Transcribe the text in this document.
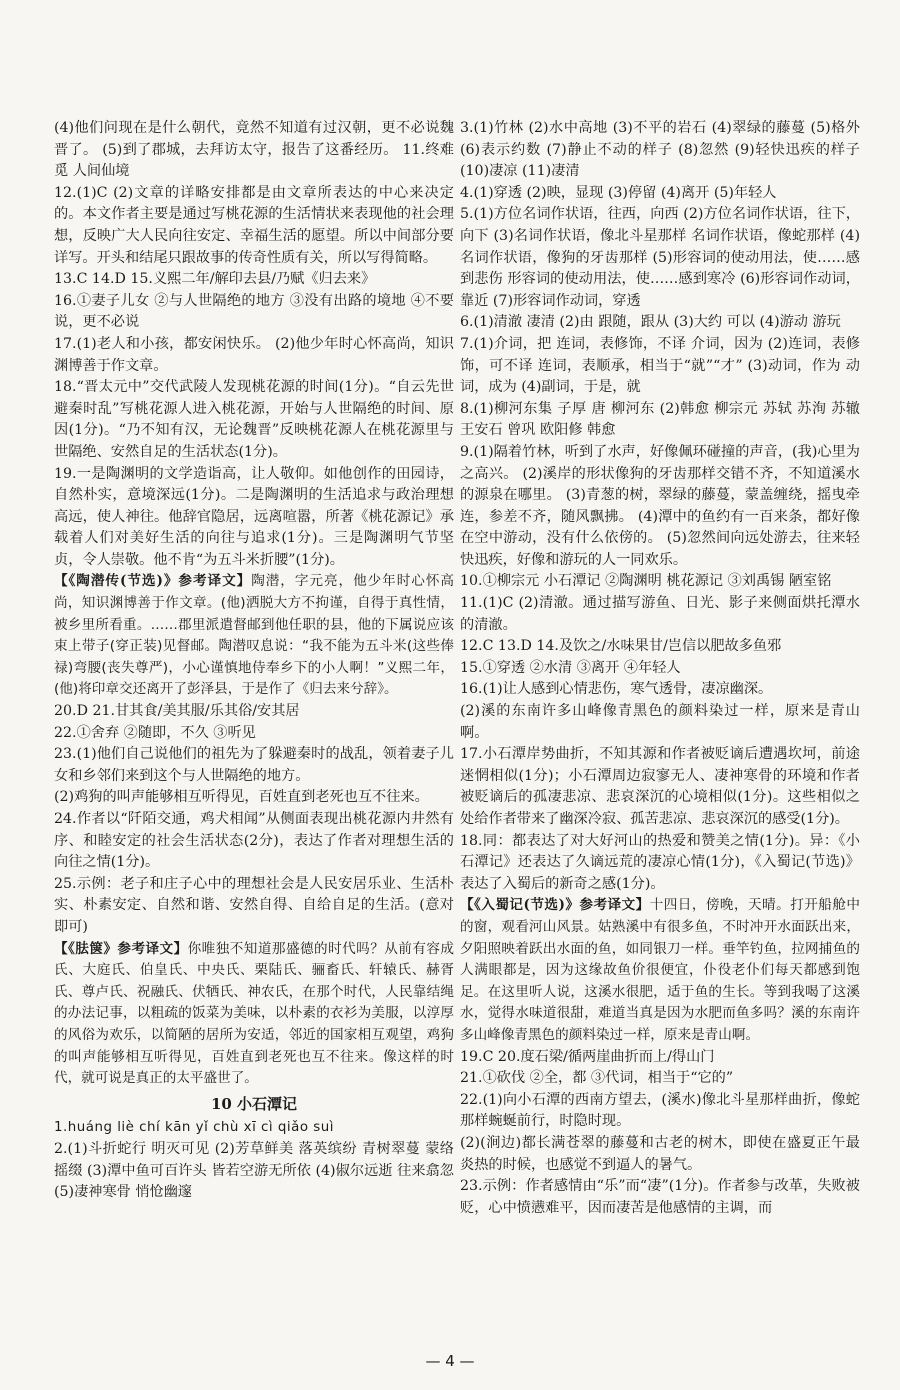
(4)他们问现在是什么朝代，竟然不知道有过汉朝，更不必说魏晋了。 (5)到了郡城，去拜访太守，报告了这番经历。 11.终难觅 人间仙境

12.(1)C (2)文章的详略安排都是由文章所表达的中心来决定的。本文作者主要是通过写桃花源的生活情状来表现他的社会理想，反映广大人民向往安定、幸福生活的愿望。所以中间部分要详写。开头和结尾只跟故事的传奇性质有关，所以写得简略。

13.C 14.D 15.义熙二年/解印去县/乃赋《归去来》

16.①妻子儿女 ②与人世隔绝的地方 ③没有出路的境地 ④不要说，更不必说

17.(1)老人和小孩，都安闲快乐。 (2)他少年时心怀高尚，知识渊博善于作文章。

18.“晋太元中”交代武陵人发现桃花源的时间(1分)。“自云先世避秦时乱”写桃花源人进入桃花源，开始与人世隔绝的时间、原因(1分)。“乃不知有汉，无论魏晋”反映桃花源人在桃花源里与世隔绝、安然自足的生活状态(1分)。

19.一是陶渊明的文学造诣高，让人敬仰。如他创作的田园诗，自然朴实，意境深远(1分)。二是陶渊明的生活追求与政治理想高远，使人神往。他辞官隐居，远离喧嚣，所著《桃花源记》承载着人们对美好生活的向往与追求(1分)。三是陶渊明气节坚贞，令人崇敬。他不肯“为五斗米折腰”(1分)。

【《陶潜传(节选)》参考译文】陶潜，字元亮，他少年时心怀高尚，知识渊博善于作文章。(他)洒脱大方不拘谨，自得于真性情，被乡里所看重。……郡里派遣督邮到他任职的县，他的下属说应该束上带子(穿正装)见督邮。陶潜叹息说：“我不能为五斗米(这些俸禄)弯腰(丧失尊严)，小心谨慎地侍奉乡下的小人啊！”义熙二年，(他)将印章交还离开了彭泽县，于是作了《归去来兮辞》。

20.D 21.甘其食/美其服/乐其俗/安其居

22.①舍弃 ②随即，不久 ③听见

23.(1)他们自己说他们的祖先为了躲避秦时的战乱，领着妻子儿女和乡邻们来到这个与人世隔绝的地方。

(2)鸡狗的叫声能够相互听得见，百姓直到老死也互不往来。

24.作者以“阡陌交通，鸡犬相闻”从侧面表现出桃花源内井然有序、和睦安定的社会生活状态(2分)，表达了作者对理想生活的向往之情(1分)。

25.示例：老子和庄子心中的理想社会是人民安居乐业、生活朴实、朴素安定、自然和谐、安然自得、自给自足的生活。(意对即可)

【《胠箧》参考译文】你唯独不知道那盛德的时代吗？从前有容成氏、大庭氏、伯皇氏、中央氏、栗陆氏、骊畜氏、轩辕氏、赫胥氏、尊卢氏、祝融氏、伏牺氏、神农氏，在那个时代，人民靠结绳的办法记事，以粗疏的饭菜为美味，以朴素的衣衫为美服，以淳厚的风俗为欢乐，以简陋的居所为安适，邻近的国家相互观望，鸡狗的叫声能够相互听得见，百姓直到老死也互不往来。像这样的时代，就可说是真正的太平盛世了。

10 小石潭记

1.huáng liè chí kān yǐ chù xī cì qiǎo suì

2.(1)斗折蛇行 明灭可见 (2)芳草鲜美 落英缤纷 青树翠蔓 蒙络摇缀 (3)潭中鱼可百许头 皆若空游无所依 (4)俶尔远逝 往来翕忽 (5)凄神寒骨 悄怆幽邃

3.(1)竹林 (2)水中高地 (3)不平的岩石 (4)翠绿的藤蔓 (5)格外 (6)表示约数 (7)静止不动的样子 (8)忽然 (9)轻快迅疾的样子 (10)凄凉 (11)凄清

4.(1)穿透 (2)映，显现 (3)停留 (4)离开 (5)年轻人

5.(1)方位名词作状语，往西，向西 (2)方位名词作状语，往下，向下 (3)名词作状语，像北斗星那样 名词作状语，像蛇那样 (4)名词作状语，像狗的牙齿那样 (5)形容词的使动用法，使……感到悲伤 形容词的使动用法，使……感到寒冷 (6)形容词作动词，靠近 (7)形容词作动词，穿透

6.(1)清澈 凄清 (2)由 跟随，跟从 (3)大约 可以 (4)游动 游玩

7.(1)介词，把 连词，表修饰，不译 介词，因为 (2)连词，表修饰，可不译 连词，表顺承，相当于“就”“才” (3)动词，作为 动词，成为 (4)副词，于是，就

8.(1)柳河东集 子厚 唐 柳河东 (2)韩愈 柳宗元 苏轼 苏洵 苏辙 王安石 曾巩 欧阳修 韩愈

9.(1)隔着竹林，听到了水声，好像佩环碰撞的声音，(我)心里为之高兴。 (2)溪岸的形状像狗的牙齿那样交错不齐，不知道溪水的源泉在哪里。 (3)青葱的树，翠绿的藤蔓，蒙盖缠绕，摇曳牵连，参差不齐，随风飘拂。 (4)潭中的鱼约有一百来条，都好像在空中游动，没有什么依傍的。 (5)忽然间向远处游去，往来轻快迅疾，好像和游玩的人一同欢乐。

10.①柳宗元 小石潭记 ②陶渊明 桃花源记 ③刘禹锡 陋室铭

11.(1)C (2)清澈。通过描写游鱼、日光、影子来侧面烘托潭水的清澈。

12.C 13.D 14.及饮之/水味果甘/岂信以肥故多鱼邪

15.①穿透 ②水清 ③离开 ④年轻人

16.(1)让人感到心情悲伤，寒气透骨，凄凉幽深。

(2)溪的东南许多山峰像青黑色的颜料染过一样，原来是青山啊。

17.小石潭岸势曲折，不知其源和作者被贬谪后遭遇坎坷，前途迷惘相似(1分)；小石潭周边寂寥无人、凄神寒骨的环境和作者被贬谪后的孤凄悲凉、悲哀深沉的心境相似(1分)。这些相似之处给作者带来了幽深冷寂、孤苦悲凉、悲哀深沉的感受(1分)。

18.同：都表达了对大好河山的热爱和赞美之情(1分)。异：《小石潭记》还表达了久谪远荒的凄凉心情(1分)，《入蜀记(节选)》表达了入蜀后的新奇之感(1分)。

【《入蜀记(节选)》参考译文】十四日，傍晚，天晴。打开船舱中的窗，观看河山风景。姑熟溪中有很多鱼，不时冲开水面跃出来，夕阳照映着跃出水面的鱼，如同银刀一样。垂竿钓鱼，拉网捕鱼的人满眼都是，因为这缘故鱼价很便宜，仆役老仆们每天都感到饱足。在这里听人说，这溪水很肥，适于鱼的生长。等到我喝了这溪水，觉得水味道很甜，难道当真是因为水肥而鱼多吗？溪的东南许多山峰像青黑色的颜料染过一样，原来是青山啊。

19.C 20.度石梁/循两崖曲折而上/得山门

21.①砍伐 ②全，都 ③代词，相当于“它的”

22.(1)向小石潭的西南方望去，(溪水)像北斗星那样曲折，像蛇那样蜿蜒前行，时隐时现。

(2)(涧边)都长满苍翠的藤蔓和古老的树木，即使在盛夏正午最炎热的时候，也感觉不到逼人的暑气。

23.示例：作者感情由“乐”而“凄”(1分)。作者参与改革，失败被贬，心中愤懑难平，因而凄苦是他感情的主调，而

— 4 —
